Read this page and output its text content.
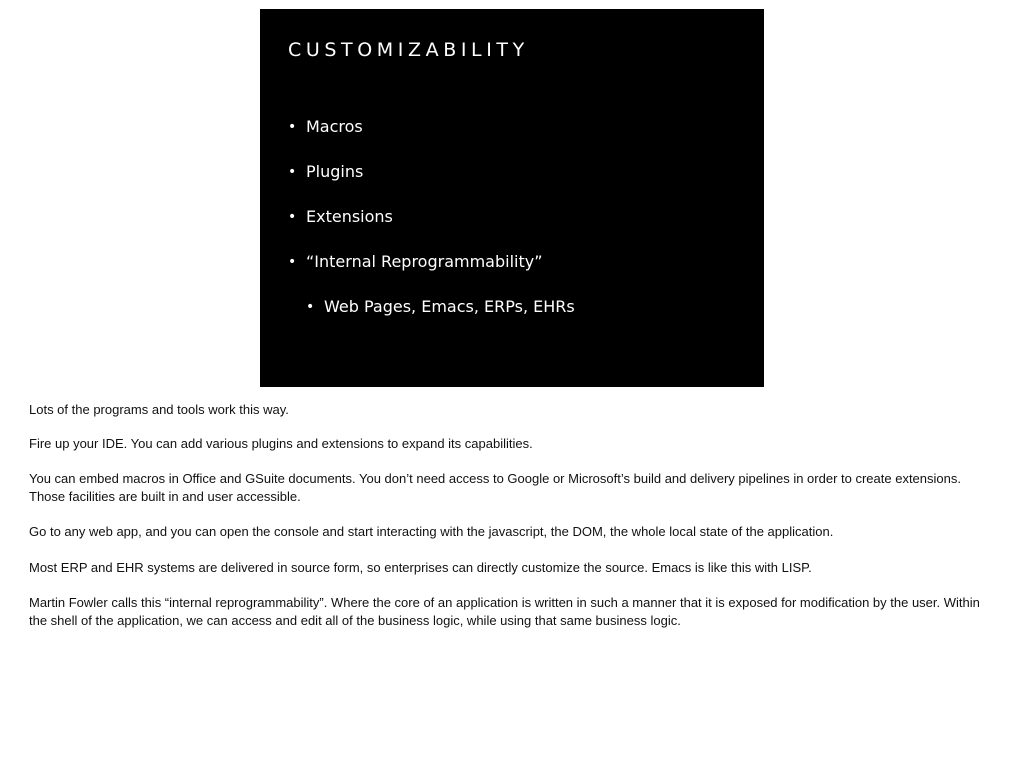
CUSTOMIZABILITY
• Macros
• Plugins
• Extensions
• “Internal Reprogrammability”
• Web Pages, Emacs, ERPs, EHRs

Lots of the programs and tools work this way.

Fire up your IDE. You can add various plugins and extensions to expand its capabilities.

You can embed macros in Office and GSuite documents. You don’t need access to Google or Microsoft’s build and delivery pipelines in order to create extensions. Those facilities are built in and user accessible.

Go to any web app, and you can open the console and start interacting with the javascript, the DOM, the whole local state of the application.

Most ERP and EHR systems are delivered in source form, so enterprises can directly customize the source. Emacs is like this with LISP.

Martin Fowler calls this “internal reprogrammability”. Where the core of an application is written in such a manner that it is exposed for modification by the user. Within the shell of the application, we can access and edit all of the business logic, while using that same business logic.
